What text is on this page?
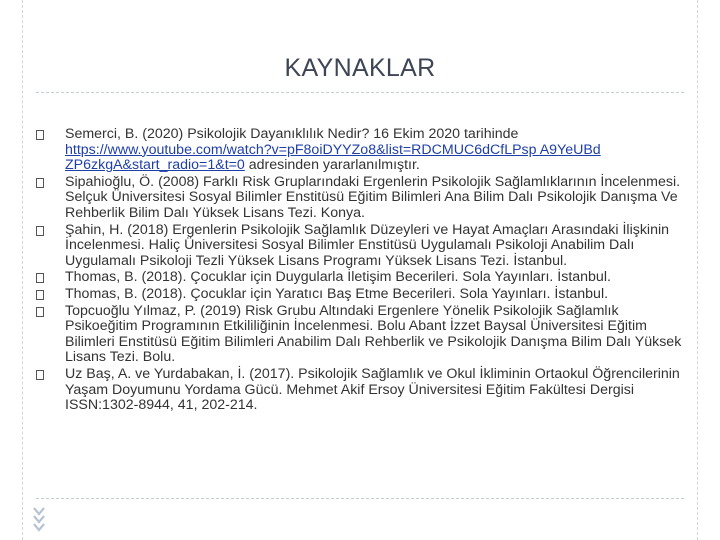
KAYNAKLAR
Semerci, B. (2020) Psikolojik Dayanıklılık Nedir? 16 Ekim 2020 tarihinde https://www.youtube.com/watch?v=pF8oiDYYZo8&list=RDCMUC6dCfLPsp A9YeUBd ZP6zkgA&start_radio=1&t=0 adresinden yararlanılmıştır.
Sipahioğlu, Ö. (2008) Farklı Risk Gruplarındaki Ergenlerin Psikolojik Sağlamlıklarının İncelenmesi. Selçuk Üniversitesi Sosyal Bilimler Enstitüsü Eğitim Bilimleri Ana Bilim Dalı Psikolojik Danışma Ve Rehberlik Bilim Dalı Yüksek Lisans Tezi. Konya.
Şahin, H. (2018) Ergenlerin Psikolojik Sağlamlık Düzeyleri ve Hayat Amaçları Arasındaki İlişkinin İncelenmesi. Haliç Üniversitesi Sosyal Bilimler Enstitüsü Uygulamalı Psikoloji Anabilim Dalı Uygulamalı Psikoloji Tezli Yüksek Lisans Programı Yüksek Lisans Tezi. İstanbul.
Thomas, B. (2018). Çocuklar için Duygularla İletişim Becerileri. Sola Yayınları. İstanbul.
Thomas, B. (2018). Çocuklar için Yaratıcı Baş Etme Becerileri. Sola Yayınları. İstanbul.
Topcuoğlu Yılmaz, P. (2019) Risk Grubu Altındaki Ergenlere Yönelik Psikolojik Sağlamlık Psikoeğitim Programının Etkililiğinin İncelenmesi. Bolu Abant İzzet Baysal Üniversitesi Eğitim Bilimleri Enstitüsü Eğitim Bilimleri Anabilim Dalı Rehberlik ve Psikolojik Danışma Bilim Dalı Yüksek Lisans Tezi. Bolu.
Uz Baş, A. ve Yurdabakan, İ. (2017). Psikolojik Sağlamlık ve Okul İkliminin Ortaokul Öğrencilerinin Yaşam Doyumunu Yordama Gücü. Mehmet Akif Ersoy Üniversitesi Eğitim Fakültesi Dergisi ISSN:1302-8944, 41, 202-214.
